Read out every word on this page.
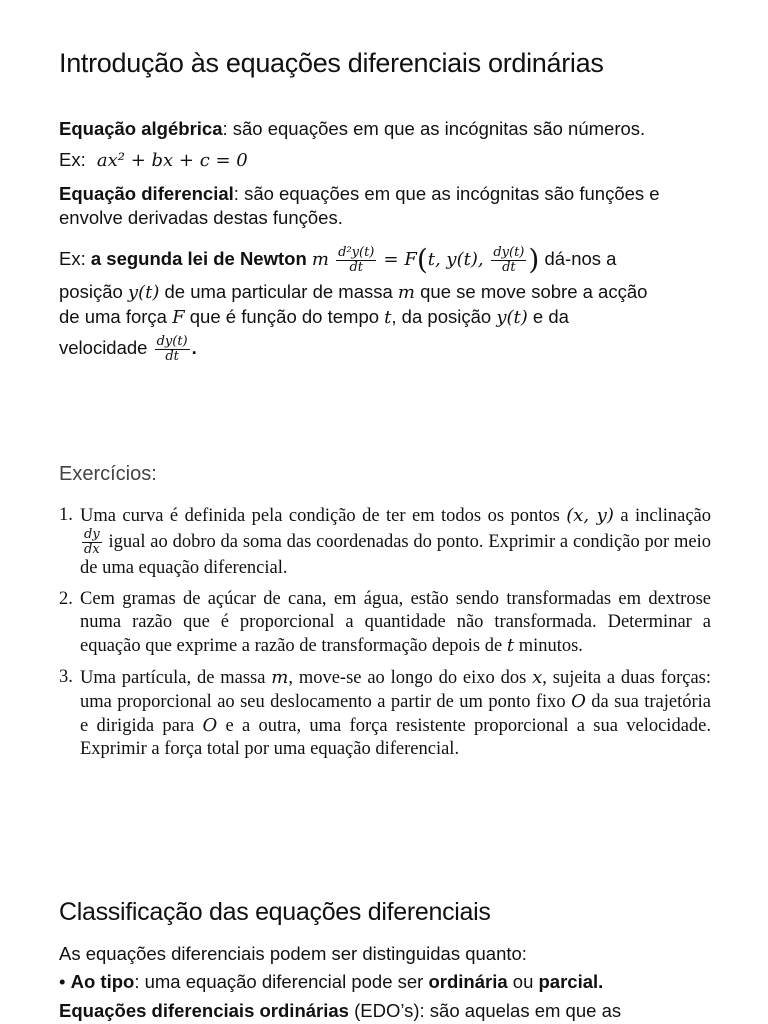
Introdução às equações diferenciais ordinárias
Equação algébrica: são equações em que as incógnitas são números.
Ex: ax² + bx + c = 0
Equação diferencial: são equações em que as incógnitas são funções e envolve derivadas destas funções.
Ex: a segunda lei de Newton m $\frac{\text{d²y(t)}}{dt} = F(t$, y(t), $\frac{dy(t)}{dt}$ ) dá-nos a
posição y(t) de uma particular de massa m que se move sobre a acção
de uma força F que é função do tempo t, da posição y(t) e da
velocidade $\frac{dy(t)}{dt}$ .
Exercícios:
1. Uma curva é definida pela condição de ter em todos os pontos (x, y) a inclinação
$\frac{dy}{dx}$ igual ao dobro da soma das coordenadas do ponto. Exprimir a condição por meio de uma equação diferencial.
2. Cem gramas de açúcar de cana, em água, estão sendo transformadas em dextrose numa razão que é proporcional a quantidade não transformada. Determinar a equação que exprime a razão de transformação depois de t minutos.
3. Uma partícula, de massa m, move-se ao longo do eixo dos x, sujeita a duas forças: uma proporcional ao seu deslocamento a partir de um ponto fixo O da sua trajetória e dirigida para O e a outra, uma força resistente proporcional a sua velocidade. Exprimir a força total por uma equação diferencial.
Classificação das equações diferenciais
As equações diferenciais podem ser distinguidas quanto:
• Ao tipo: uma equação diferencial pode ser ordinária ou parcial.
Equações diferenciais ordinárias (EDO’s): são aquelas em que as
